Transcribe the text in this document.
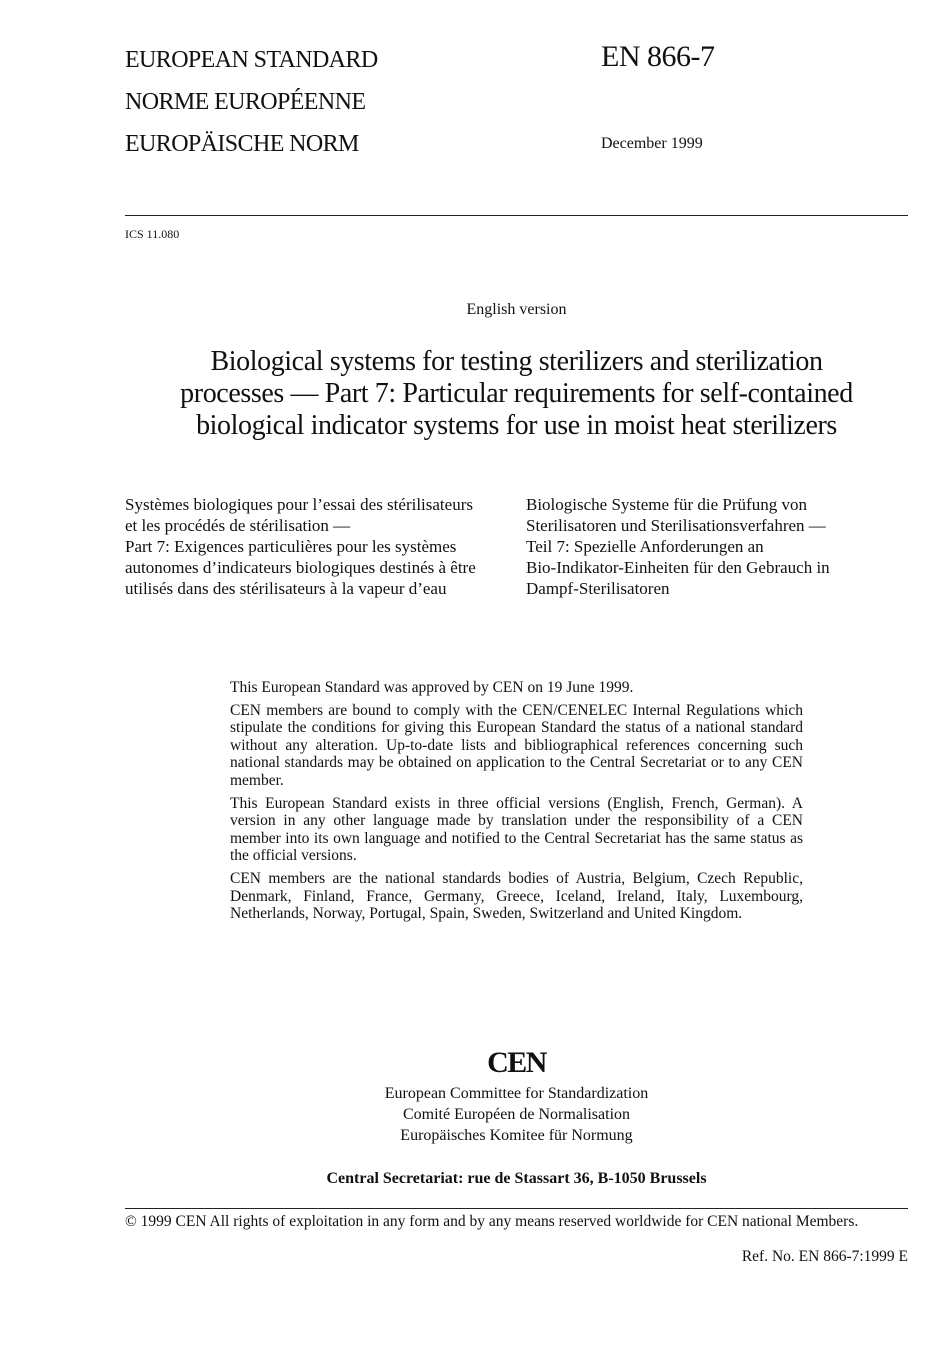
EUROPEAN STANDARD
NORME EUROPÉENNE
EUROPÄISCHE NORM
EN 866-7
December 1999
ICS 11.080
English version
Biological systems for testing sterilizers and sterilization
processes — Part 7: Particular requirements for self-contained
biological indicator systems for use in moist heat sterilizers

Systèmes biologiques pour l’essai des stérilisateurs

et les procédés de stérilisation —

Part 7: Exigences particulières pour les systèmes

autonomes d’indicateurs biologiques destinés à être

utilisés dans des stérilisateurs à la vapeur d’eau

Biologische Systeme für die Prüfung von

Sterilisatoren und Sterilisationsverfahren —

Teil 7: Spezielle Anforderungen an

Bio-Indikator-Einheiten für den Gebrauch in

Dampf-Sterilisatoren

This European Standard was approved by CEN on 19 June 1999.

CEN members are bound to comply with the CEN/CENELEC Internal Regulations which stipulate the conditions for giving this European Standard the status of a national standard without any alteration. Up-to-date lists and bibliographical references concerning such national standards may be obtained on application to the Central Secretariat or to any CEN member.

This European Standard exists in three official versions (English, French, German). A version in any other language made by translation under the responsibility of a CEN member into its own language and notified to the Central Secretariat has the same status as the official versions.

CEN members are the national standards bodies of Austria, Belgium, Czech Republic, Denmark, Finland, France, Germany, Greece, Iceland, Ireland, Italy, Luxembourg, Netherlands, Norway, Portugal, Spain, Sweden, Switzerland and United Kingdom.

CEN
European Committee for Standardization
Comité Européen de Normalisation
Europäisches Komitee für Normung
Central Secretariat: rue de Stassart 36, B-1050 Brussels
© 1999 CEN All rights of exploitation in any form and by any means reserved worldwide for CEN national Members.
Ref. No. EN 866-7:1999 E
